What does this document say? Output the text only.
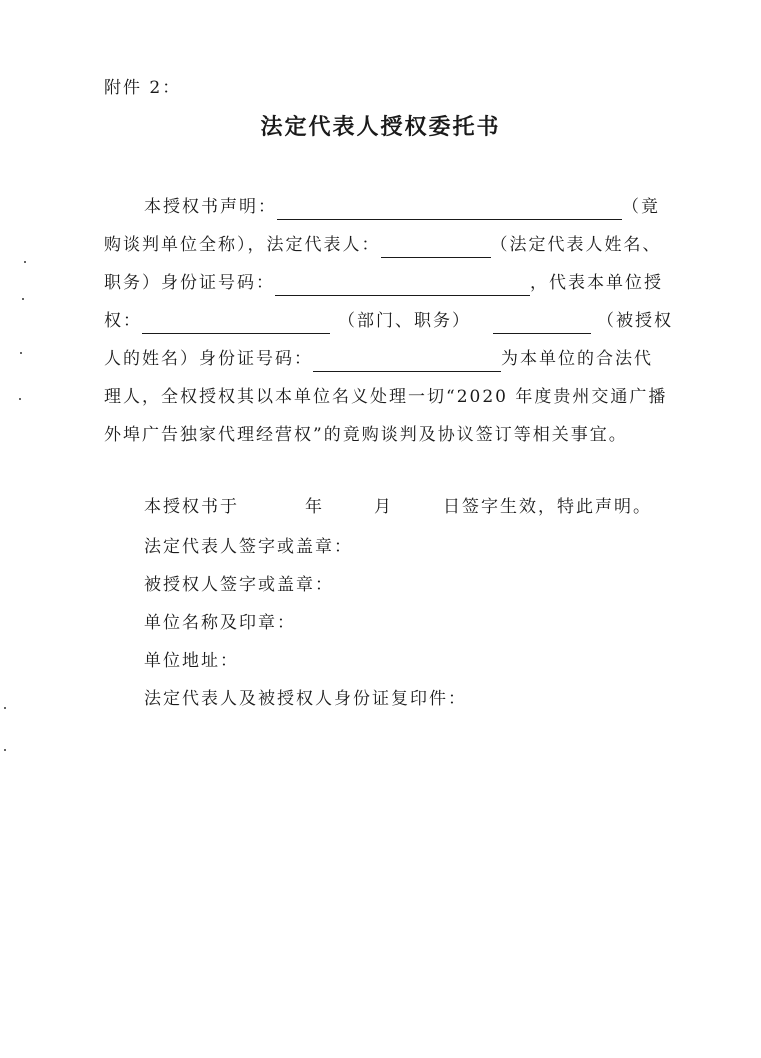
附件 2：
法定代表人授权委托书
本授权书声明：	（竟
购谈判单位全称），法定代表人：	（法定代表人姓名、
职务）身份证号码：	，代表本单位授
权：	（部门、职务）	（被授权
人的姓名）身份证号码：	为本单位的合法代
理人，全权授权其以本单位名义处理一切“2020 年度贵州交通广播
外埠广告独家代理经营权”的竟购谈判及协议签订等相关事宜。
本授权书于	年	月	日签字生效，特此声明。
法定代表人签字或盖章：
被授权人签字或盖章：
单位名称及印章：
单位地址：
法定代表人及被授权人身份证复印件：
